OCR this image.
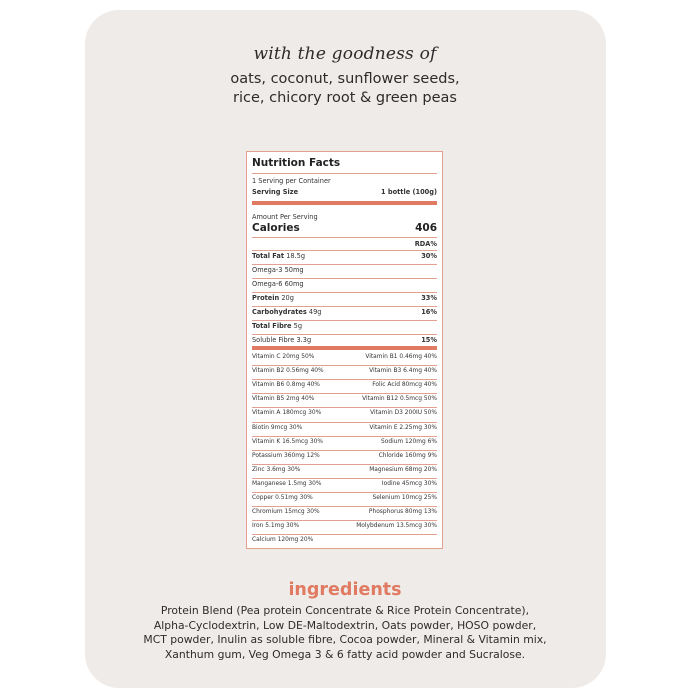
with the goodness of
oats, coconut, sunflower seeds,
rice, chicory root & green peas
Nutrition Facts
1 Serving per Container
Serving Size	1 bottle (100g)
Amount Per Serving
Calories	406
RDA%
Total Fat 18.5g	30%
Omega-3 50mg
Omega-6 60mg
Protein 20g	33%
Carbohydrates 49g	16%
Total Fibre 5g
Soluble Fibre 3.3g	15%
Vitamin C 20mg 50%	Vitamin B1 0.46mg 40%
Vitamin B2 0.56mg 40%	Vitamin B3 6.4mg 40%
Vitamin B6 0.8mg 40%	Folic Acid 80mcg 40%
Vitamin B5 2mg 40%	Vitamin B12 0.5mcg 50%
Vitamin A 180mcg 30%	Vitamin D3 200IU 50%
Biotin 9mcg 30%	Vitamin E 2.25mg 30%
Vitamin K 16.5mcg 30%	Sodium 120mg 6%
Potassium 360mg 12%	Chloride 160mg 9%
Zinc 3.6mg 30%	Magnesium 68mg 20%
Manganese 1.5mg 30%	Iodine 45mcg 30%
Copper 0.51mg 30%	Selenium 10mcg 25%
Chromium 15mcg 30%	Phosphorus 80mg 13%
Iron 5.1mg 30%	Molybdenum 13.5mcg 30%
Calcium 120mg 20%
ingredients
Protein Blend (Pea protein Concentrate & Rice Protein Concentrate),
Alpha-Cyclodextrin, Low DE-Maltodextrin, Oats powder, HOSO powder,
MCT powder, Inulin as soluble fibre, Cocoa powder, Mineral & Vitamin mix,
Xanthum gum, Veg Omega 3 & 6 fatty acid powder and Sucralose.
